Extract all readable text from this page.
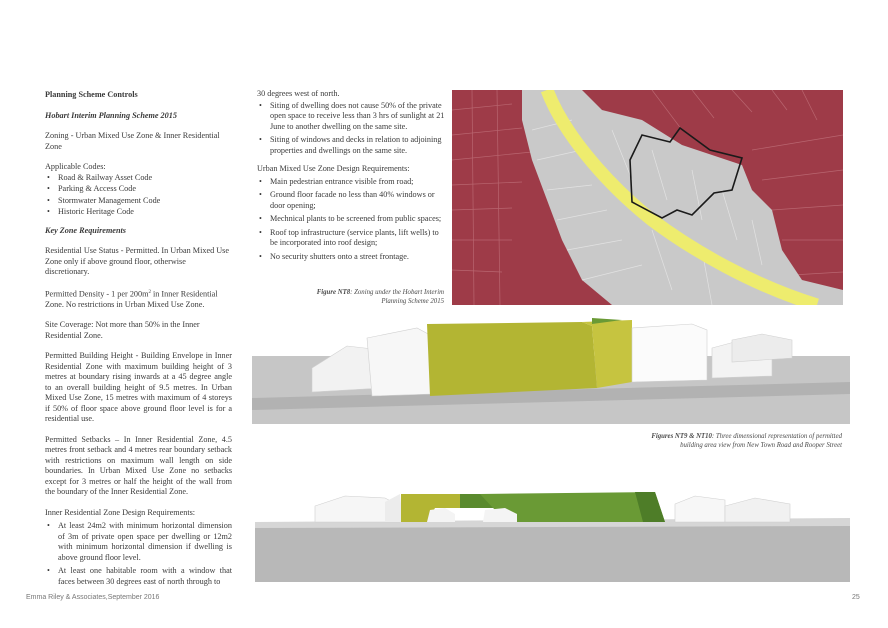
Planning Scheme Controls

Hobart Interim Planning Scheme 2015

Zoning - Urban Mixed Use Zone & Inner Residential Zone

Applicable Codes:
• Road & Railway Asset Code
• Parking & Access Code
• Stormwater Management Code
• Historic Heritage Code

Key Zone Requirements

Residential Use Status - Permitted. In Urban Mixed Use Zone only if above ground floor, otherwise discretionary.

Permitted Density - 1 per $200m^2$ in Inner Residential Zone. No restrictions in Urban Mixed Use Zone.

Site Coverage: Not more than 50% in the Inner Residential Zone.

Permitted Building Height - Building Envelope in Inner Residential Zone with maximum building height of 3 metres at boundary rising inwards at a 45 degree angle to an overall building height of 9.5 metres. In Urban Mixed Use Zone, 15 metres with maximum of 4 storeys if 50% of floor space above ground floor level is for a residential use.

Permitted Setbacks – In Inner Residential Zone, 4.5 metres front setback and 4 metres rear boundary setback with restrictions on maximum wall length on side boundaries. In Urban Mixed Use Zone no setbacks except for 3 metres or half the height of the wall from the boundary of the Inner Residential Zone.

Inner Residential Zone Design Requirements:
• At least 24m2 with minimum horizontal dimension of 3m of private open space per dwelling or 12m2 with minimum horizontal dimension if dwelling is above ground floor level.
• At least one habitable room with a window that faces between 30 degrees east of north through to
30 degrees west of north.
• Siting of dwelling does not cause 50% of the private open space to receive less than 3 hrs of sunlight at 21 June to another dwelling on the same site.
• Siting of windows and decks in relation to adjoining properties and dwellings on the same site.
Urban Mixed Use Zone Design Requirements:
• Main pedestrian entrance visible from road;
• Ground floor facade no less than 40% windows or door opening;
• Mechnical plants to be screened from public spaces;
• Roof top infrastructure (service plants, lift wells) to be incorporated into roof design;
• No security shutters onto a street frontage.
Figure NT8: Zoning under the Hobart Interim Planning Scheme 2015
Figures NT9 & NT10: Three dimensional representation of permitted building area view from New Town Road and Rooper Street
Emma Riley & Associates,September 2016	25
